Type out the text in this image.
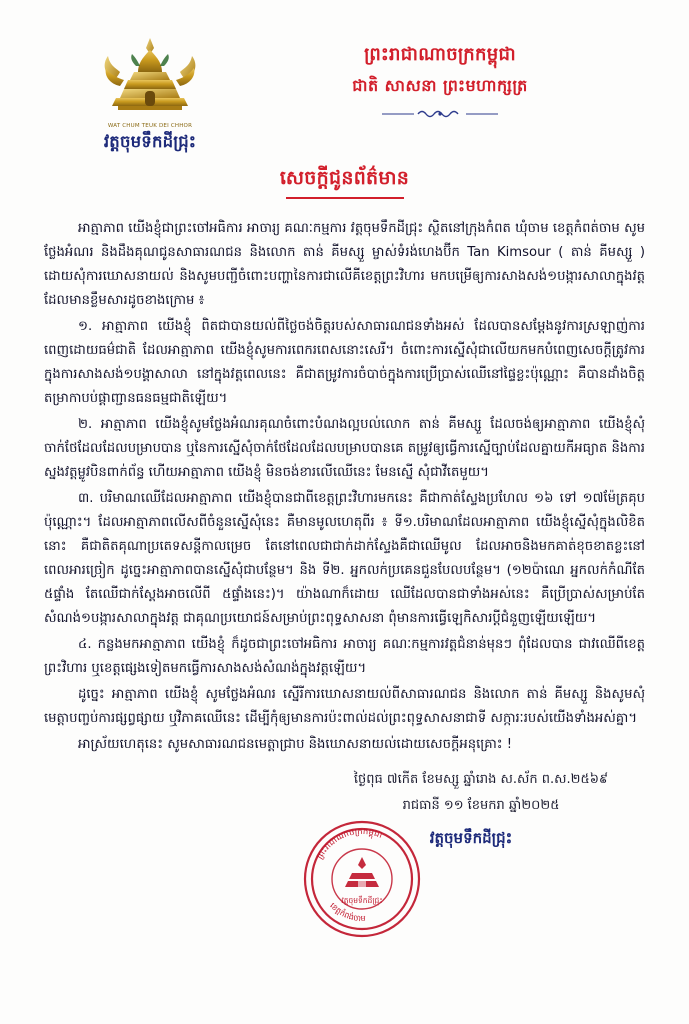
WAT CHUM TEUK DEI CHHOR
វត្តចុមទឹកដីជ្រុះ
ព្រះរាជាណាចក្រកម្ពុជា
ជាតិ សាសនា ព្រះមហាក្សត្រ
សេចក្តីជូនព័ត៌មាន

អាត្មាភាព យើងខ្ញុំជាព្រះចៅអធិការ អាចារ្យ គណៈកម្មការ វត្តចុមទឹកដីជ្រុះ ស្ថិតនៅក្រុងកំពត ឃុំចាម ខេត្តកំពត់ចាម សូមថ្លែងអំណរ និងដឹងគុណជូនសាធារណជន និងលោក តាន់ គីមស្សួ ម្ចាស់ទំរង់ហេងប៊ីក Tan Kimsour ( តាន់ គីមស្សួ ) ដោយសុំការឃោសនាយល់ និងសូមបញ្ជីចំពោះបញ្ហានៃការជាលើគីខេត្តព្រះវិហារ មកបម្រើឲ្យការសាងសង់១បង្ការសាលាក្នុងវត្ត ដែលមានខ្លឹមសារដូចខាងក្រោម ៖

១. អាត្មាភាព យើងខ្ញុំ ពិតជាបានយល់ពីថ្លៃចង់ចិត្តរបស់សាធារណជនទាំងអស់ ដែលបានសម្តែងនូវការស្រឡាញ់ការពេញដោយធម៌ជាតិ ដែលអាត្មាភាព យើងខ្ញុំសូមការពេករពេសនោះសេរី។ ចំពោះការស្នើសុំជាលើយកមកបំពេញសេចក្តីត្រូវការក្នុងការសាងសង់១បង្គាសាលា នៅក្នុងវត្តពេលនេះ គឺជាតម្រូវការចំបាច់ក្នុងការប្រើប្រាស់ឈើនៅផ្ទៃខ្លះប៉ុណ្ណោះ គឺបានដាំងចិត្តតម្រាកាបប់ផ្ដាញ្ជានធនធម្មជាតិឡើយ។

២. អាត្មាភាព យើងខ្ញុំសូមថ្លែងអំណរគុណចំពោះបំណងល្អបល់លោក តាន់ គីមស្សួ ដែលចង់ឲ្យអាត្មាភាព យើងខ្ញុំសុំចាក់ថែដែលដែលបម្រាបបាន ឬនៃការស្នើសុំចាក់ថែដែលដែលបម្រាបបានគេ តម្រូវឲ្យធ្វើការស្នើច្បាប់ដែលគ្នាយកីអធ្យាត និងការស្នងវត្តម្លូវបិនពាក់ព័ន្ធ ហើយអាត្មាភាព យើងខ្ញុំ មិនចង់ខារលើឈើនេះ មែនស្នើ សុំជាវីតេមួយ។

៣. បរិមាណឈើដែលអាត្មាភាព យើងខ្ញុំបានជាពីខេត្តព្រះវិហារមកនេះ គឺជាកាត់ស្ទែងប្រហែល ១៦ ទៅ ១៧ម៉ែត្រគុបប៉ុណ្ណោះ។ ដែលអាត្មាភាពលើសពីចំនួនស្នើសុំនេះ គឺមានមូលហេតុពីរ ៖ ទី១.បរិមាណដែលអាត្មាភាព យើងខ្ញុំស្នើសុំក្នុងលិខិតនោះ គឺជាតិតគុណាប្រតេទសន្តីកាលម្រេច តែនៅពេលជាជាក់ដាក់ស្ទែងគឺជាឈើមូល ដែលអាចនិងមកគាត់ខុចខាតខ្លះនៅពេលអារច្រៀក ដូច្នេះអាត្មាភាពបានស្នើសុំជាបន្ថែម។ និង ទី២. អ្នកលក់ប្រគេនជួនបែលបន្ថែម។ (១២ប៉ាណេ អ្នកលក់កំណីតែ ៥ផ្ទាំង តែឈើជាក់ស្ដែងអាចលើពី ៥ផ្ទាំងនេះ)។ យ៉ាងណាក៏ដោយ ឈើដែលបានជាទាំងអស់នេះ គឺប្រើប្រាស់សម្រាប់តែសំណង់១បង្ការសាលាក្នុងវត្ត ជាគុណប្រយោជន៍សម្រាប់ព្រះពុទ្ធសាសនា ពុំមានការធ្វើឡេកិសារប្តីជំនួញឡើយឡើយ។

៤. កន្លងមកអាត្មាភាព យើងខ្ញុំ ក៏ដូចជាព្រះចៅអធិការ អាចារ្យ គណៈកម្មការវត្តជំនាន់មុនៗ ពុំដែលបាន ជាវឈើពីខេត្តព្រះវិហារ ឬខេត្តផ្សេងទៀតមកធ្វើការសាងសង់សំណង់ក្នុងវត្តឡើយ។

ដូច្នេះ អាត្មាភាព យើងខ្ញុំ សូមថ្លែងអំណរ ស្នើរីការឃោសនាយល់ពីសាធារណជន និងលោក តាន់ គីមស្សួ និងសូមសុំមេត្តាបញ្ចប់ការផ្សព្វផ្សាយ ឬវិភាគឈើនេះ ដើម្បីកុំឲ្យមានការប៉ះពាល់ដល់ព្រះពុទ្ធសាសនាជាទី សក្ការៈរបស់យើងទាំងអស់គ្នា។

អាស្រ័យហេតុនេះ សូមសាធារណជនមេត្តាជ្រាប និងឃោសនាយល់ដោយសេចក្តីអនុគ្រោះ !

ថ្ងៃពុធ ៧កើត ខែមស្សួ ឆ្នាំរោង ស.ស័ក ព.ស.២៥៦៩
រាជធានី ១១ ខែមករា ឆ្នាំ២០២៥
វត្តចុមទឹកដីជ្រុះ
ព្រះរាជាណាចក្រកម្ពុជា
ខេត្តកំពង់ចាម
វត្តចុមទឹកដីជ្រុះ
